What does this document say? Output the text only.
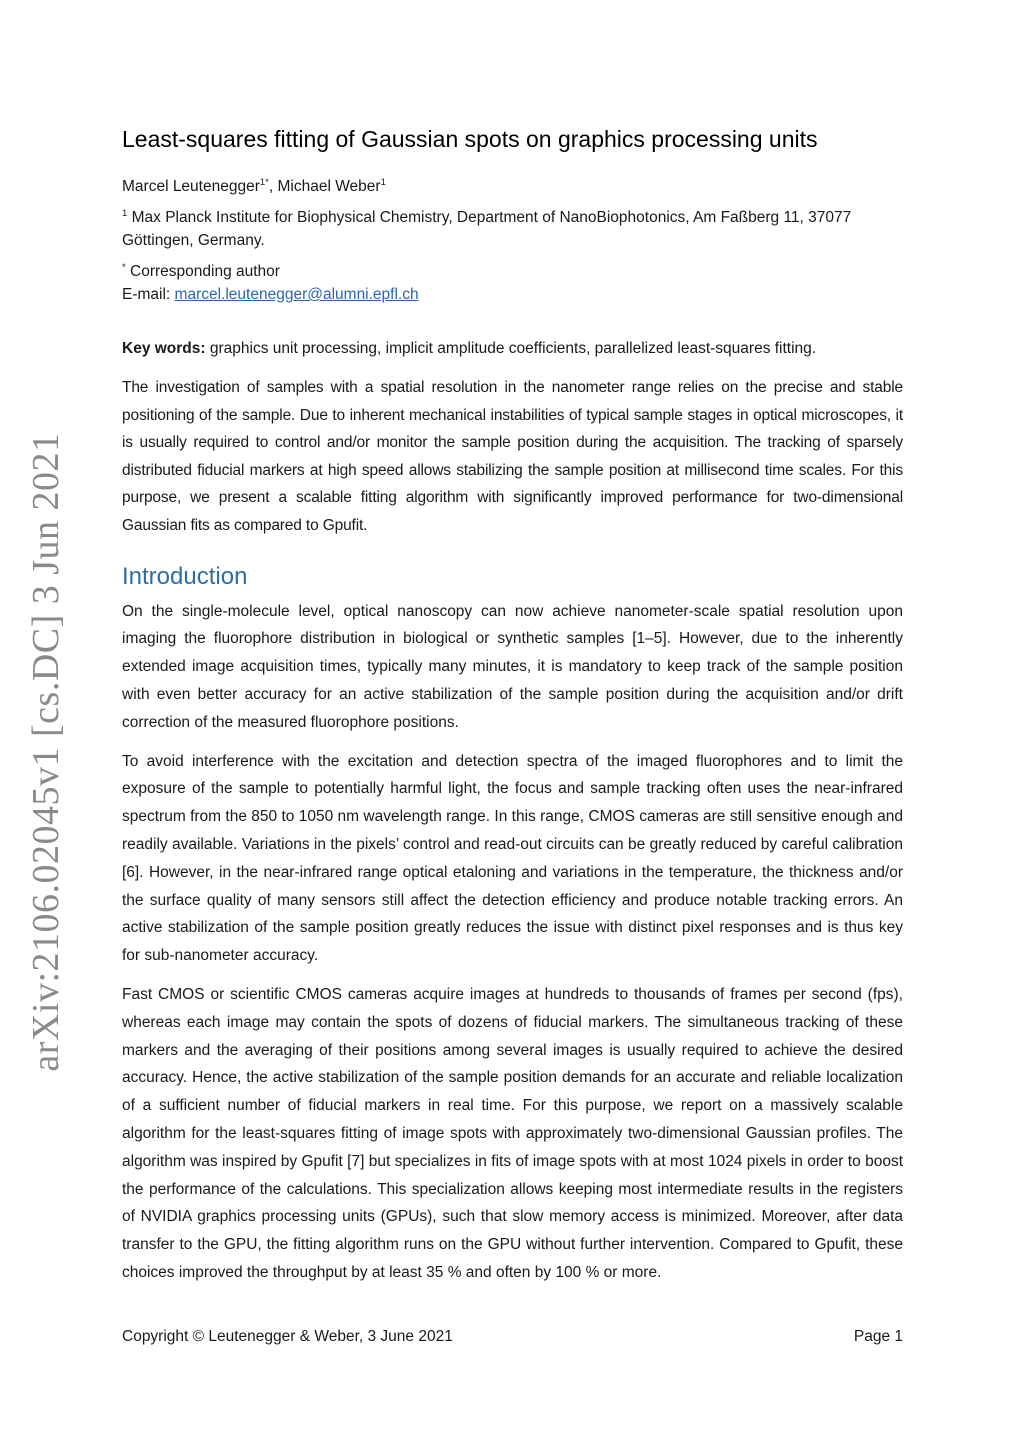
arXiv:2106.02045v1 [cs.DC] 3 Jun 2021
Least-squares fitting of Gaussian spots on graphics processing units
Marcel Leutenegger$^{1*}$, Michael Weber$^1$
$^1$ Max Planck Institute for Biophysical Chemistry, Department of NanoBiophotonics, Am Faßberg 11, 37077 Göttingen, Germany.
* Corresponding author
E-mail: marcel.leutenegger@alumni.epfl.ch
Key words: graphics unit processing, implicit amplitude coefficients, parallelized least-squares fitting.

The investigation of samples with a spatial resolution in the nanometer range relies on the precise and stable positioning of the sample. Due to inherent mechanical instabilities of typical sample stages in optical microscopes, it is usually required to control and/or monitor the sample position during the acquisition. The tracking of sparsely distributed fiducial markers at high speed allows stabilizing the sample position at millisecond time scales. For this purpose, we present a scalable fitting algorithm with significantly improved performance for two-dimensional Gaussian fits as compared to Gpufit.

Introduction

On the single-molecule level, optical nanoscopy can now achieve nanometer-scale spatial resolution upon imaging the fluorophore distribution in biological or synthetic samples [1–5]. However, due to the inherently extended image acquisition times, typically many minutes, it is mandatory to keep track of the sample position with even better accuracy for an active stabilization of the sample position during the acquisition and/or drift correction of the measured fluorophore positions.

To avoid interference with the excitation and detection spectra of the imaged fluorophores and to limit the exposure of the sample to potentially harmful light, the focus and sample tracking often uses the near-infrared spectrum from the 850 to 1050 nm wavelength range. In this range, CMOS cameras are still sensitive enough and readily available. Variations in the pixels’ control and read-out circuits can be greatly reduced by careful calibration [6]. However, in the near-infrared range optical etaloning and variations in the temperature, the thickness and/or the surface quality of many sensors still affect the detection efficiency and produce notable tracking errors. An active stabilization of the sample position greatly reduces the issue with distinct pixel responses and is thus key for sub-nanometer accuracy.

Fast CMOS or scientific CMOS cameras acquire images at hundreds to thousands of frames per second (fps), whereas each image may contain the spots of dozens of fiducial markers. The simultaneous tracking of these markers and the averaging of their positions among several images is usually required to achieve the desired accuracy. Hence, the active stabilization of the sample position demands for an accurate and reliable localization of a sufficient number of fiducial markers in real time. For this purpose, we report on a massively scalable algorithm for the least-squares fitting of image spots with approximately two-dimensional Gaussian profiles. The algorithm was inspired by Gpufit [7] but specializes in fits of image spots with at most 1024 pixels in order to boost the performance of the calculations. This specialization allows keeping most intermediate results in the registers of NVIDIA graphics processing units (GPUs), such that slow memory access is minimized. Moreover, after data transfer to the GPU, the fitting algorithm runs on the GPU without further intervention. Compared to Gpufit, these choices improved the throughput by at least 35 % and often by 100 % or more.

Copyright © Leutenegger & Weber, 3 June 2021	Page 1
